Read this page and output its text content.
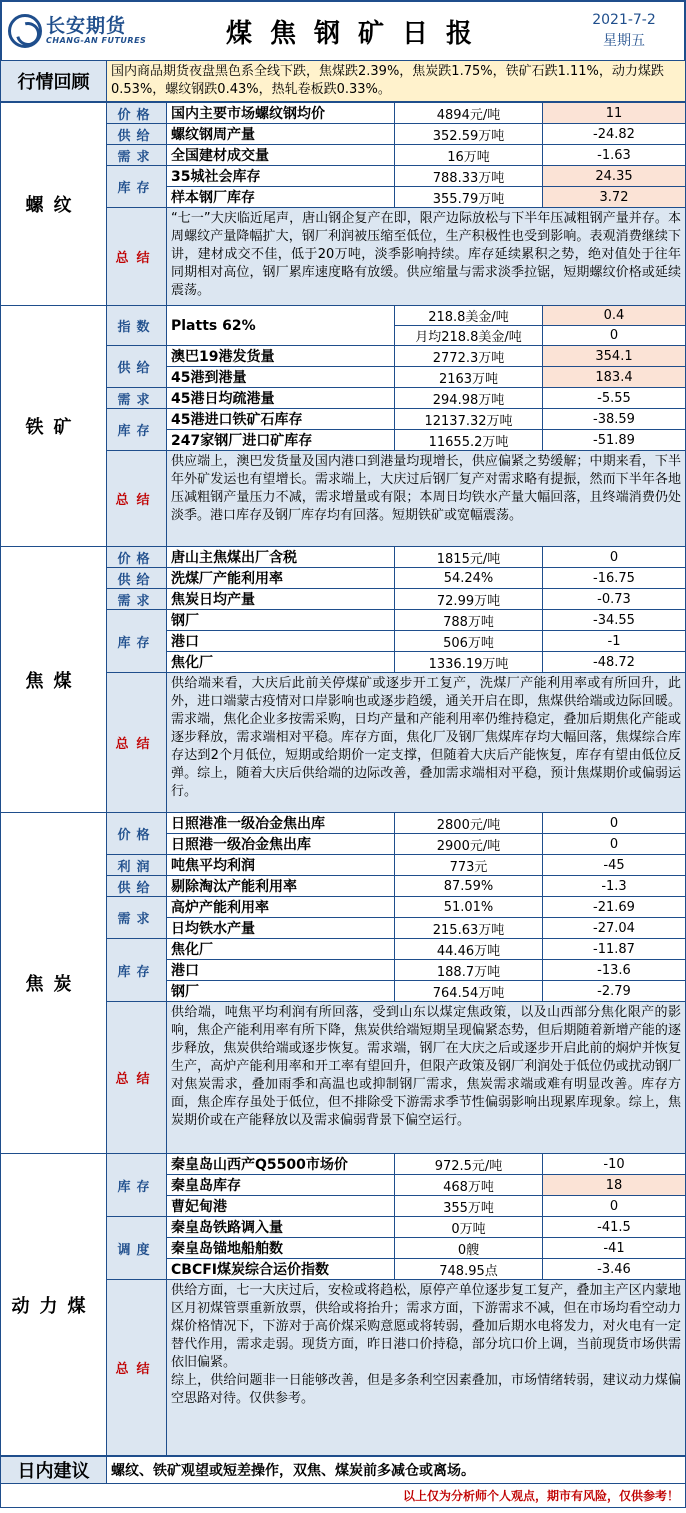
长安期货
CHANG-AN FUTURES	煤焦钢矿日报	2021-7-2
星期五
行情回顾	国内商品期货夜盘黑色系全线下跌，焦煤跌2.39%，焦炭跌1.75%，铁矿石跌1.11%，动力煤跌0.53%，螺纹钢跌0.43%，热轧卷板跌0.33%。
螺纹	价格	国内主要市场螺纹钢均价	4894元/吨	11
	供给	螺纹钢周产量	352.59万吨	-24.82
	需求	全国建材成交量	16万吨	-1.63
	库存	35城社会库存	788.33万吨	24.35
		样本钢厂库存	355.79万吨	3.72
	总结	“七一”大庆临近尾声，唐山钢企复产在即，限产边际放松与下半年压减粗钢产量并存。本周螺纹产量降幅扩大，钢厂利润被压缩至低位，生产积极性也受到影响。表观消费继续下讲，建材成交不佳，低于20万吨，淡季影响持续。库存延续累积之势，绝对值处于往年同期相对高位，钢厂累库速度略有放缓。供应缩量与需求淡季拉锯，短期螺纹价格或延续震荡。		

铁矿	指数	Platts 62%	218.8美金/吨	0.4
			月均218.8美金/吨	0
	供给	澳巴19港发货量	2772.3万吨	354.1
		45港到港量	2163万吨	183.4
	需求	45港日均疏港量	294.98万吨	-5.55
	库存	45港进口铁矿石库存	12137.32万吨	-38.59
		247家钢厂进口矿库存	11655.2万吨	-51.89
	总结	供应端上，澳巴发货量及国内港口到港量均现增长，供应偏紧之势缓解；中期来看，下半年外矿发运也有望增长。需求端上，大庆过后钢厂复产对需求略有提振，然而下半年各地压减粗钢产量压力不减，需求增量或有限；本周日均铁水产量大幅回落，且终端消费仍处淡季。港口库存及钢厂库存均有回落。短期铁矿或宽幅震荡。		

焦煤	价格	唐山主焦煤出厂含税	1815元/吨	0
	供给	洗煤厂产能利用率	54.24%	-16.75
	需求	焦炭日均产量	72.99万吨	-0.73
	库存	钢厂	788万吨	-34.55
		港口	506万吨	-1
		焦化厂	1336.19万吨	-48.72
	总结	供给端来看，大庆后此前关停煤矿或逐步开工复产，洗煤厂产能利用率或有所回升，此外，进口端蒙古疫情对口岸影响也或逐步趋缓，通关开启在即，焦煤供给端或边际回暖。需求端，焦化企业多按需采购，日均产量和产能利用率仍维持稳定，叠加后期焦化产能或逐步释放，需求端相对平稳。库存方面，焦化厂及钢厂焦煤库存均大幅回落，焦煤综合库存达到2个月低位，短期或给期价一定支撑，但随着大庆后产能恢复，库存有望由低位反弹。综上，随着大庆后供给端的边际改善，叠加需求端相对平稳，预计焦煤期价或偏弱运行。		

焦炭	价格	日照港准一级冶金焦出库	2800元/吨	0
		日照港一级冶金焦出库	2900元/吨	0
	利润	吨焦平均利润	773元	-45
	供给	剔除淘汰产能利用率	87.59%	-1.3
	需求	高炉产能利用率	51.01%	-21.69
		日均铁水产量	215.63万吨	-27.04
	库存	焦化厂	44.46万吨	-11.87
		港口	188.7万吨	-13.6
		钢厂	764.54万吨	-2.79
	总结	供给端，吨焦平均利润有所回落，受到山东以煤定焦政策，以及山西部分焦化限产的影响，焦企产能利用率有所下降，焦炭供给端短期呈现偏紧态势，但后期随着新增产能的逐步释放，焦炭供给端或逐步恢复。需求端，钢厂在大庆之后或逐步开启此前的焖炉并恢复生产，高炉产能利用率和开工率有望回升，但限产政策及钢厂利润处于低位仍或扰动钢厂对焦炭需求，叠加雨季和高温也或抑制钢厂需求，焦炭需求端或难有明显改善。库存方面，焦企库存虽处于低位，但不排除受下游需求季节性偏弱影响出现累库现象。综上，焦炭期价或在产能释放以及需求偏弱背景下偏空运行。		

动力煤	库存	秦皇岛山西产Q5500市场价	972.5元/吨	-10
		秦皇岛库存	468万吨	18
		曹妃甸港	355万吨	0
	调度	秦皇岛铁路调入量	0万吨	-41.5
		秦皇岛锚地船舶数	0艘	-41
		CBCFI煤炭综合运价指数	748.95点	-3.46
	总结	供给方面，七一大庆过后，安检或将趋松，原停产单位逐步复工复产，叠加主产区内蒙地区月初煤管票重新放票，供给或将抬升；需求方面，下游需求不减，但在市场均看空动力煤价格情况下，下游对于高价煤采购意愿或将转弱，叠加后期水电将发力，对火电有一定替代作用，需求走弱。现货方面，昨日港口价持稳，部分坑口价上调，当前现货市场供需依旧偏紧。
综上，供给问题非一日能够改善，但是多条利空因素叠加，市场情绪转弱，建议动力煤偏空思路对待。仅供参考。		
日内建议	螺纹、铁矿观望或短差操作，双焦、煤炭前多减仓或离场。
以上仅为分析师个人观点，期市有风险，仅供参考！
